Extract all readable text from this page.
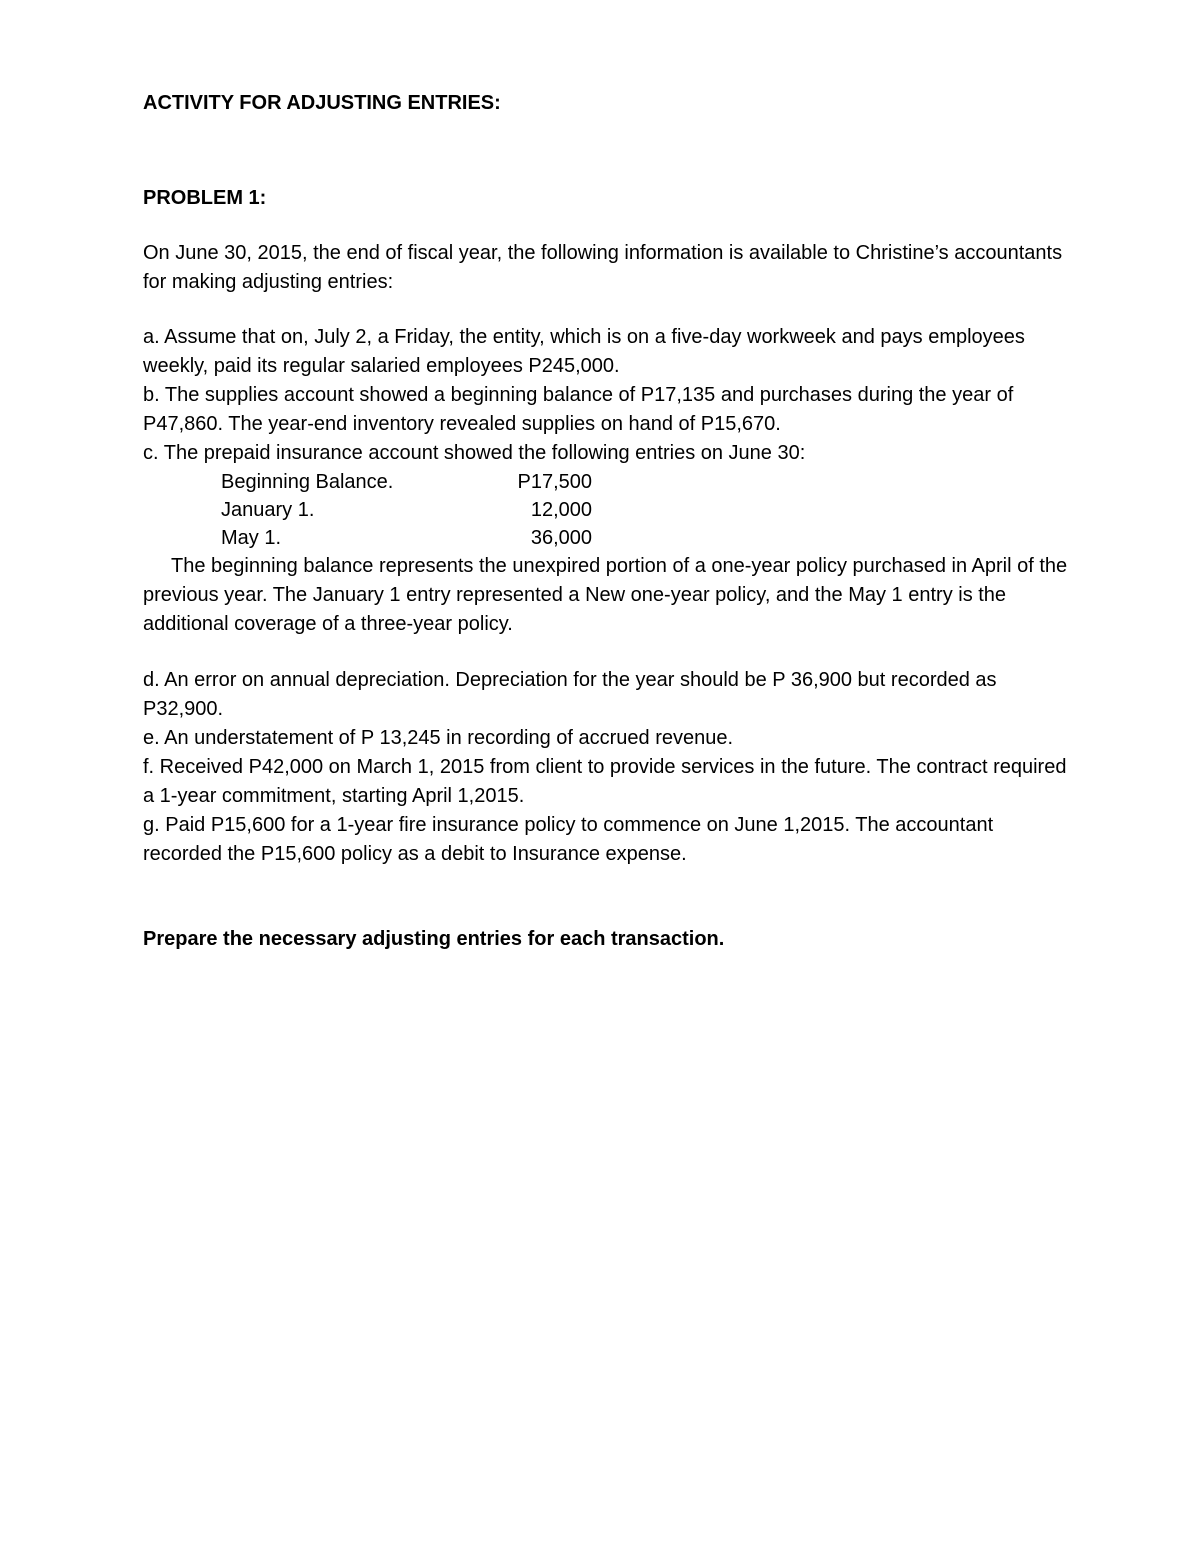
ACTIVITY FOR ADJUSTING ENTRIES:

PROBLEM 1:

On June 30, 2015, the end of fiscal year, the following information is available to Christine’s accountants for making adjusting entries:

a. Assume that on, July 2, a Friday, the entity, which is on a five-day workweek and pays employees weekly, paid its regular salaried employees P245,000.

b. The supplies account showed a beginning balance of P17,135 and purchases during the year of P47,860. The year-end inventory revealed supplies on hand of P15,670.

c. The prepaid insurance account showed the following entries on June 30:

Beginning Balance.	P17,500
January 1.	12,000
May 1.	36,000

The beginning balance represents the unexpired portion of a one-year policy purchased in April of the previous year. The January 1 entry represented a New one-year policy, and the May 1 entry is the additional coverage of a three-year policy.

d. An error on annual depreciation. Depreciation for the year should be P 36,900 but recorded as P32,900.

e. An understatement of P 13,245 in recording of accrued revenue.

f. Received P42,000 on March 1, 2015 from client to provide services in the future. The contract required a 1-year commitment, starting April 1,2015.

g. Paid P15,600 for a 1-year fire insurance policy to commence on June 1,2015. The accountant recorded the P15,600 policy as a debit to Insurance expense.

Prepare the necessary adjusting entries for each transaction.
